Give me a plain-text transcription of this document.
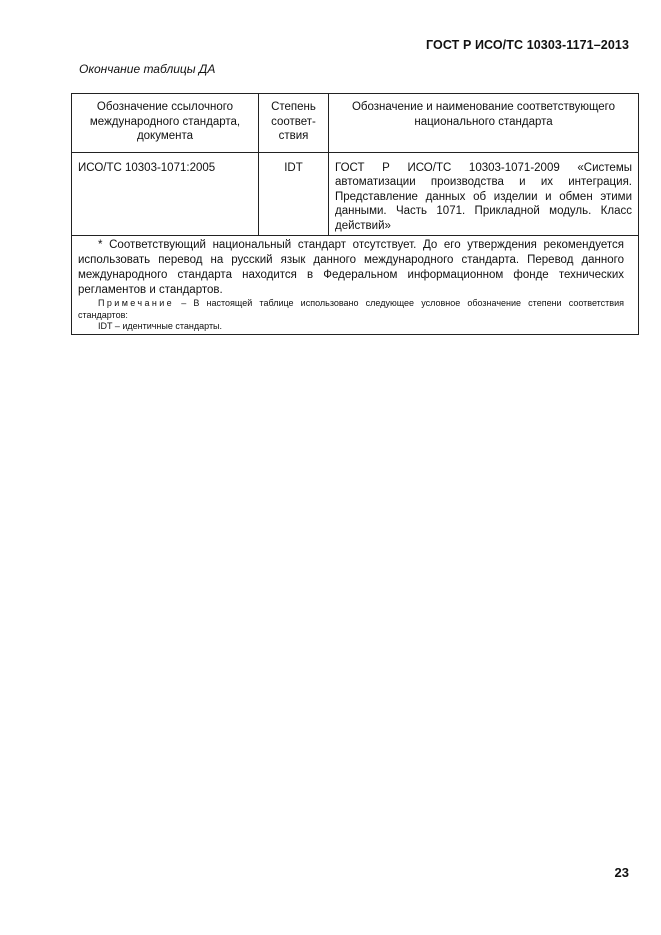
ГОСТ Р ИСО/ТС 10303-1171–2013
Окончание таблицы ДА
Обозначение ссылочного международного стандарта, документа	Степень соответ-ствия	Обозначение и наименование соответствующего национального стандарта
ИСО/ТС 10303-1071:2005	IDT	ГОСТ Р ИСО/ТС 10303-1071-2009 «Системы автоматизации производства и их интеграция. Представление данных об изделии и обмен этими данными. Часть 1071. Прикладной модуль. Класс действий»

* Соответствующий национальный стандарт отсутствует. До его утверждения рекомендуется использовать перевод на русский язык данного международного стандарта. Перевод данного международного стандарта находится в Федеральном информационном фонде технических регламентов и стандартов.

Примечание – В настоящей таблице использовано следующее условное обозначение степени соответствия стандартов:

IDT – идентичные стандарты.		

23
